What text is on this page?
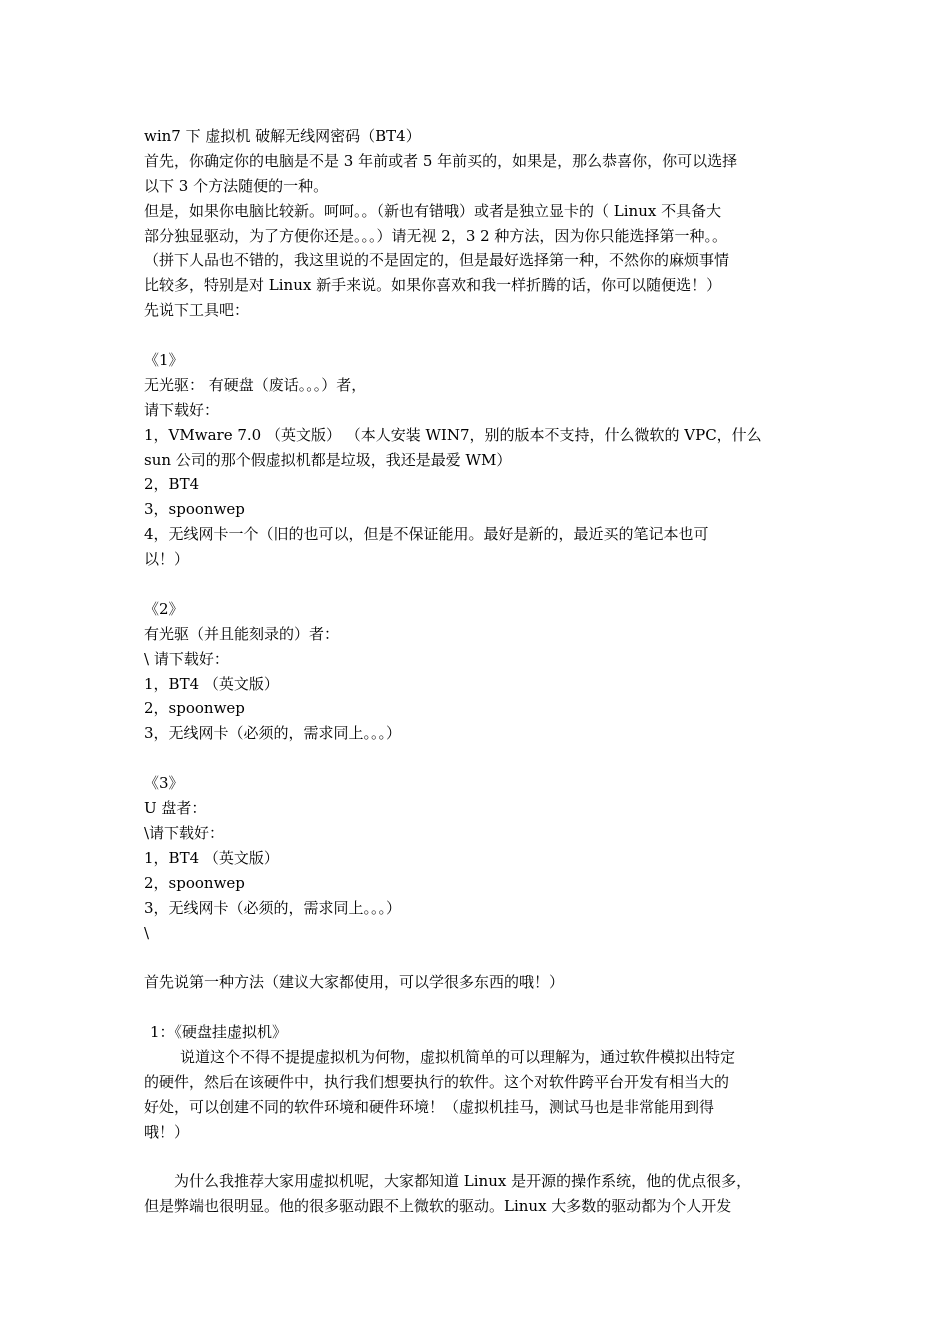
win7 下 虚拟机 破解无线网密码（BT4）
首先，你确定你的电脑是不是 3 年前或者 5 年前买的，如果是，那么恭喜你，你可以选择
以下 3 个方法随便的一种。
但是，如果你电脑比较新。呵呵。。（新也有错哦）或者是独立显卡的（ Linux 不具备大
部分独显驱动，为了方便你还是。。。）请无视 2，3 2 种方法，因为你只能选择第一种。。
（拼下人品也不错的，我这里说的不是固定的，但是最好选择第一种，不然你的麻烦事情
比较多，特别是对 Linux 新手来说。如果你喜欢和我一样折腾的话，你可以随便选！）
先说下工具吧：
《1》
无光驱： 有硬盘（废话。。。）者，
请下载好：
1，VMware 7.0 （英文版） （本人安装 WIN7，别的版本不支持，什么微软的 VPC，什么
sun 公司的那个假虚拟机都是垃圾，我还是最爱 WM）
2，BT4
3，spoonwep
4，无线网卡一个（旧的也可以，但是不保证能用。最好是新的，最近买的笔记本也可
以！）
《2》
有光驱（并且能刻录的）者：
\ 请下载好：
1，BT4 （英文版）
2，spoonwep
3，无线网卡（必须的，需求同上。。。）
《3》
U 盘者：
\请下载好：
1，BT4 （英文版）
2，spoonwep
3，无线网卡（必须的，需求同上。。。）
\
首先说第一种方法（建议大家都使用，可以学很多东西的哦！）
1：《硬盘挂虚拟机》
说道这个不得不提提虚拟机为何物，虚拟机简单的可以理解为，通过软件模拟出特定
的硬件，然后在该硬件中，执行我们想要执行的软件。这个对软件跨平台开发有相当大的
好处，可以创建不同的软件环境和硬件环境！（虚拟机挂马，测试马也是非常能用到得
哦！）
为什么我推荐大家用虚拟机呢，大家都知道 Linux 是开源的操作系统，他的优点很多，
但是弊端也很明显。他的很多驱动跟不上微软的驱动。Linux 大多数的驱动都为个人开发
